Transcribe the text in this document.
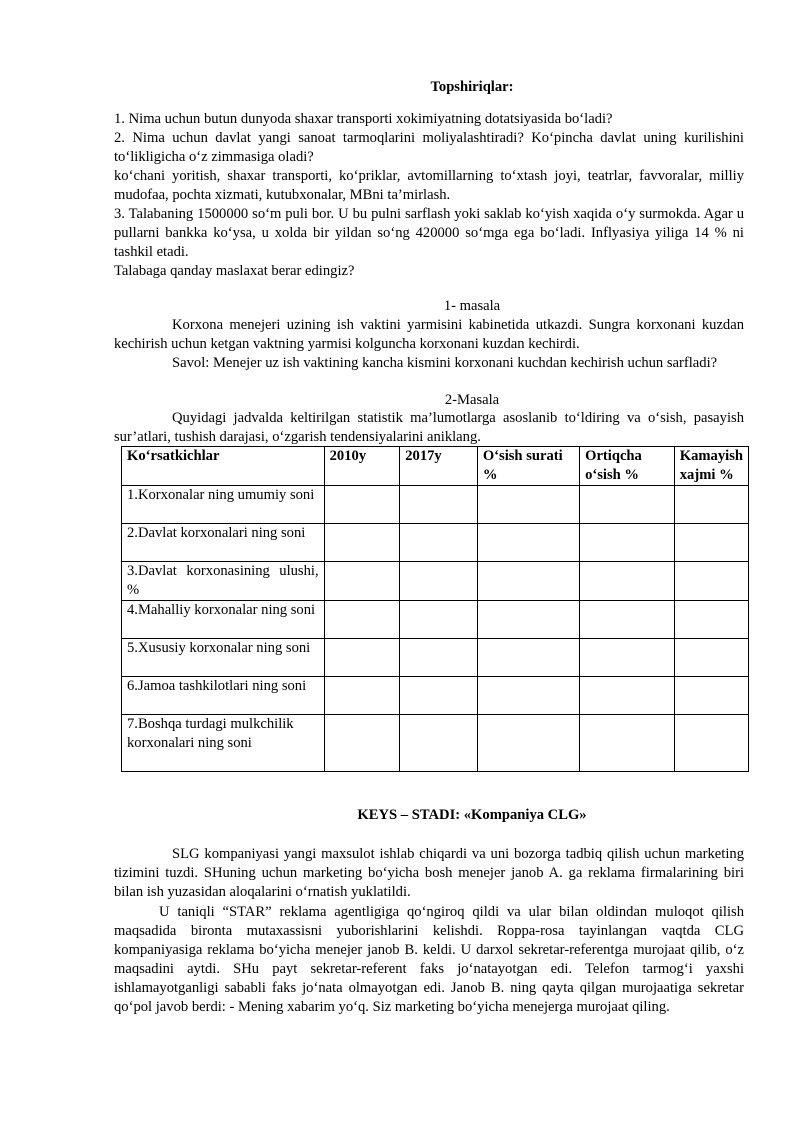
Topshiriqlar:
1. Nima uchun butun dunyoda shaxar transporti xokimiyatning dotatsiyasida bo‘ladi?
2. Nima uchun davlat yangi sanoat tarmoqlarini moliyalashtiradi? Ko‘pincha davlat uning kurilishini to‘likligicha o‘z zimmasiga oladi?
ko‘chani yoritish, shaxar transporti, ko‘priklar, avtomillarning to‘xtash joyi, teatrlar, favvoralar, milliy mudofaa, pochta xizmati, kutubxonalar, MBni ta’mirlash.
3. Talabaning 1500000 so‘m puli bor. U bu pulni sarflash yoki saklab ko‘yish xaqida o‘y surmokda. Agar u pullarni bankka ko‘ysa, u xolda bir yildan so‘ng 420000 so‘mga ega bo‘ladi. Inflyasiya yiliga 14 % ni tashkil etadi.
Talabaga qanday maslaxat berar edingiz?
1- masala
Korxona menejeri uzining ish vaktini yarmisini kabinetida utkazdi. Sungra korxonani kuzdan kechirish uchun ketgan vaktning yarmisi kolguncha korxonani kuzdan kechirdi.
Savol: Menejer uz ish vaktining kancha kismini korxonani kuchdan kechirish uchun sarfladi?
2-Masala
Quyidagi jadvalda keltirilgan statistik ma’lumotlarga asoslanib to‘ldiring va o‘sish, pasayish sur’atlari, tushish darajasi, o‘zgarish tendensiyalarini aniklang.
KEYS – STADI: «Kompaniya CLG»
SLG kompaniyasi yangi maxsulot ishlab chiqardi va uni bozorga tadbiq qilish uchun marketing tizimini tuzdi. SHuning uchun marketing bo‘yicha bosh menejer janob A. ga reklama firmalarining biri bilan ish yuzasidan aloqalarini o‘rnatish yuklatildi.
U taniqli “STAR” reklama agentligiga qo‘ngiroq qildi va ular bilan oldindan muloqot qilish maqsadida bironta mutaxassisni yuborishlarini kelishdi. Roppa-rosa tayinlangan vaqtda CLG kompaniyasiga reklama bo‘yicha menejer janob B. keldi. U darxol sekretar-referentga murojaat qilib, o‘z maqsadini aytdi. SHu payt sekretar-referent faks jo‘natayotgan edi. Telefon tarmog‘i yaxshi ishlamayotganligi sababli faks jo‘nata olmayotgan edi. Janob B. ning qayta qilgan murojaatiga sekretar qo‘pol javob berdi: - Mening xabarim yo‘q. Siz marketing bo‘yicha menejerga murojaat qiling.
Ko‘rsatkichlar	2010y	2017y	O‘sish surati %	Ortiqcha o‘sish %	Kamayish xajmi %
1.Korxonalar ning umumiy soni					
2.Davlat korxonalari ning soni					

3.Davlat korxonasining ulushi, %					

4.Mahalliy korxonalar ning soni					
5.Xususiy korxonalar ning soni					
6.Jamoa tashkilotlari ning soni					
7.Boshqa turdagi mulkchilik korxonalari ning soni					
